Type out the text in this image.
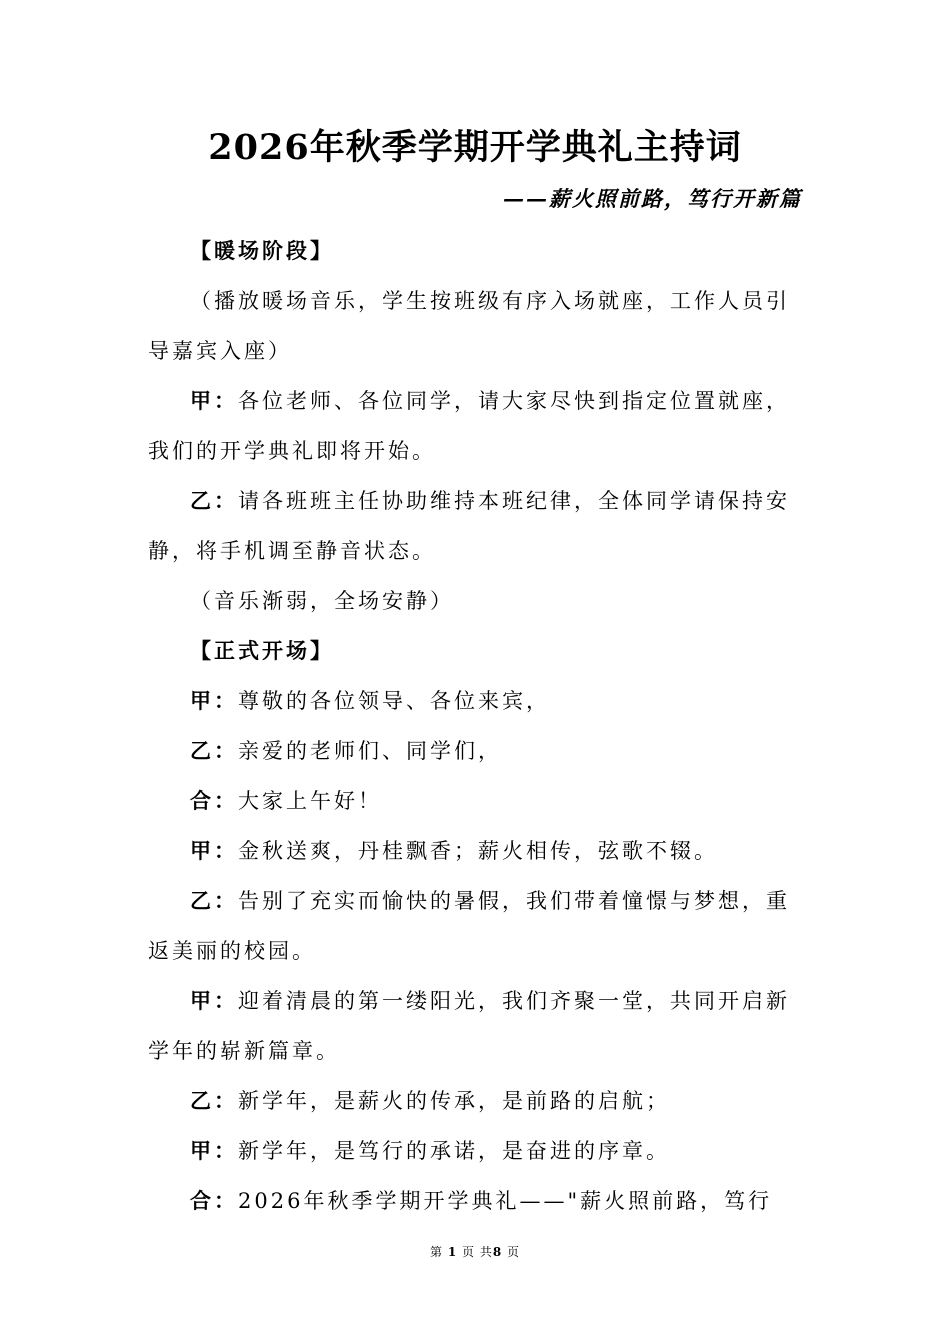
2026年秋季学期开学典礼主持词
——薪火照前路，笃行开新篇

【暖场阶段】

（播放暖场音乐，学生按班级有序入场就座，工作人员引导嘉宾入座）

甲：各位老师、各位同学，请大家尽快到指定位置就座，我们的开学典礼即将开始。

乙：请各班班主任协助维持本班纪律，全体同学请保持安静，将手机调至静音状态。

（音乐渐弱，全场安静）

【正式开场】

甲：尊敬的各位领导、各位来宾，

乙：亲爱的老师们、同学们，

合：大家上午好！

甲：金秋送爽，丹桂飘香；薪火相传，弦歌不辍。

乙：告别了充实而愉快的暑假，我们带着憧憬与梦想，重返美丽的校园。

甲：迎着清晨的第一缕阳光，我们齐聚一堂，共同开启新学年的崭新篇章。

乙：新学年，是薪火的传承，是前路的启航；

甲：新学年，是笃行的承诺，是奋进的序章。

合：2026年秋季学期开学典礼——"薪火照前路，笃行

第 1 页 共8 页
